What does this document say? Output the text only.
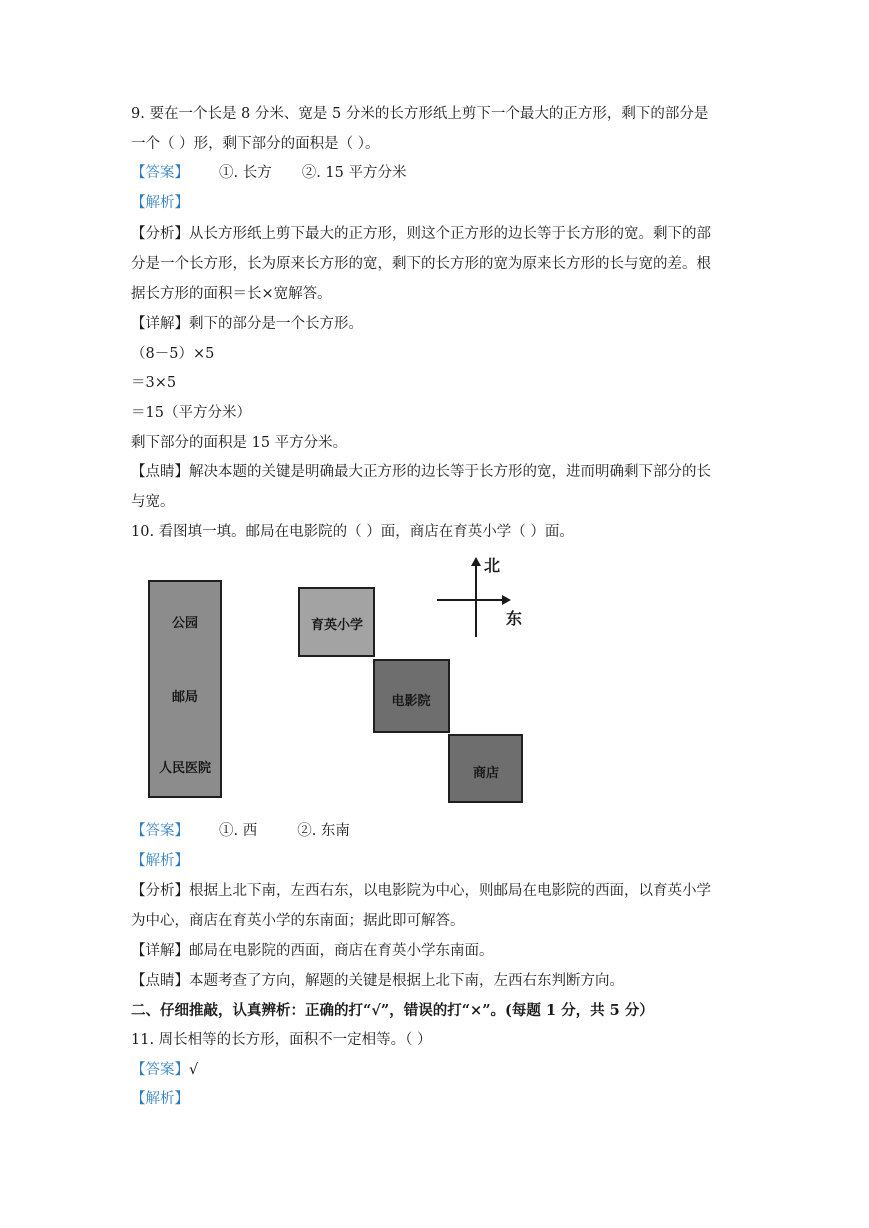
9. 要在一个长是 8 分米、宽是 5 分米的长方形纸上剪下一个最大的正方形，剩下的部分是
一个（ ）形，剩下部分的面积是（ ）。
【答案】 ①. 长方 ②. 15 平方分米
【解析】
【分析】从长方形纸上剪下最大的正方形，则这个正方形的边长等于长方形的宽。剩下的部
分是一个长方形，长为原来长方形的宽，剩下的长方形的宽为原来长方形的长与宽的差。根
据长方形的面积＝长×宽解答。
【详解】剩下的部分是一个长方形。
（8－5）×5
＝3×5
＝15（平方分米）
剩下部分的面积是 15 平方分米。
【点睛】解决本题的关键是明确最大正方形的边长等于长方形的宽，进而明确剩下部分的长
与宽。
10. 看图填一填。邮局在电影院的（ ）面，商店在育英小学（ ）面。
公园
邮局
人民医院
育英小学
电影院
商店
北
东
【答案】 ①. 西	②. 东南
【解析】
【分析】根据上北下南，左西右东，以电影院为中心，则邮局在电影院的西面，以育英小学
为中心，商店在育英小学的东南面；据此即可解答。
【详解】邮局在电影院的西面，商店在育英小学东南面。
【点睛】本题考查了方向，解题的关键是根据上北下南，左西右东判断方向。
二、仔细推敲，认真辨析：正确的打“√”，错误的打“×”。(每题 1 分，共 5 分）
11. 周长相等的长方形，面积不一定相等。（ ）
【答案】√
【解析】
